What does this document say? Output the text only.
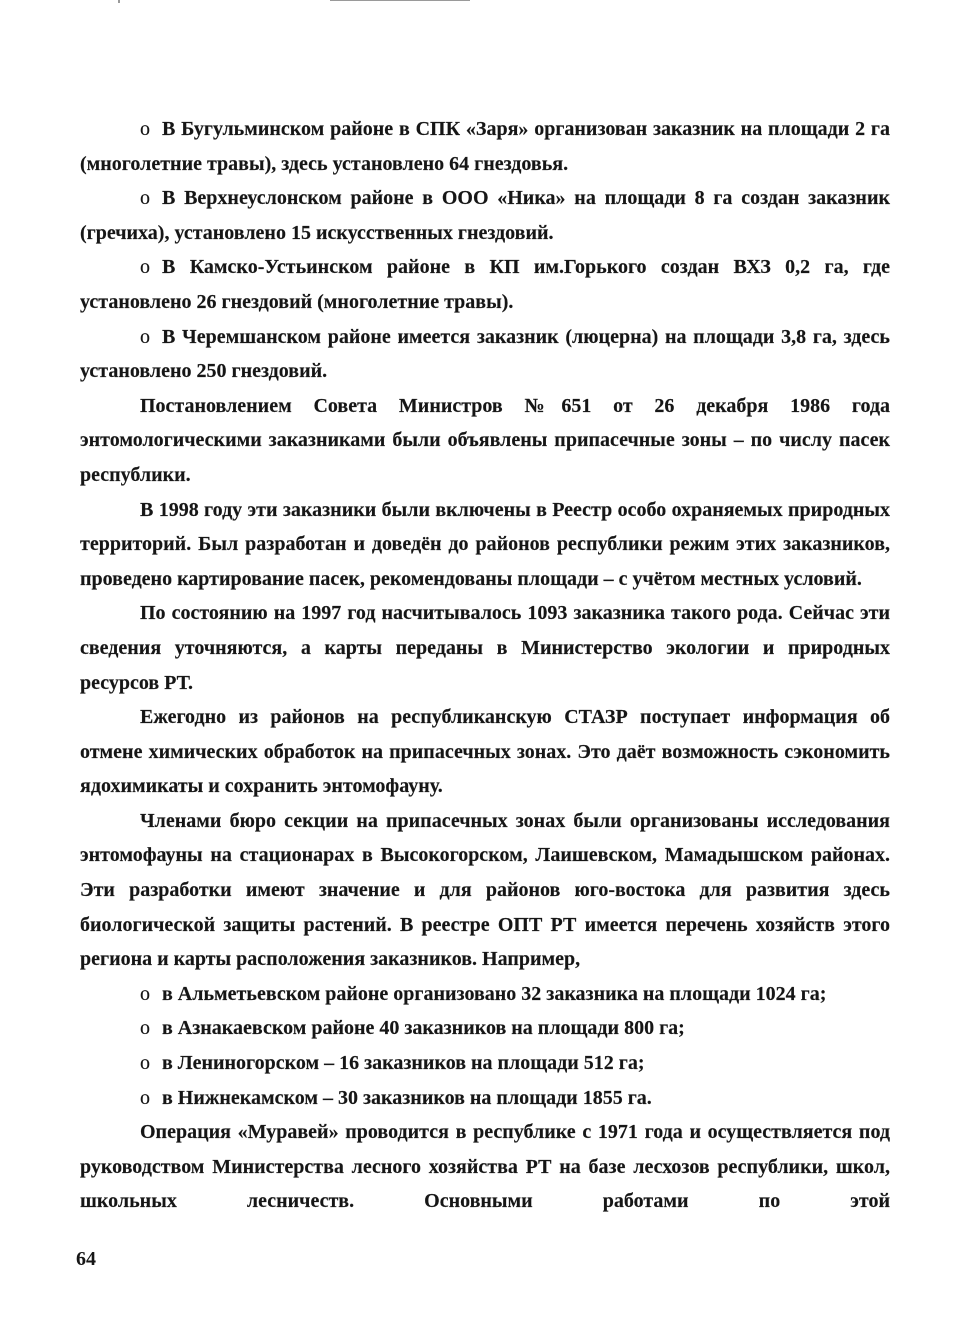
o В Бугульминском районе в СПК «Заря» организован заказник на площади 2 га (многолетние травы), здесь установлено 64 гнездовья.

o В Верхнеуслонском районе в ООО «Ника» на площади 8 га создан заказник (гречиха), установлено 15 искусственных гнездовий.

o В Камско-Устьинском районе в КП им.Горького создан ВХЗ 0,2 га, где установлено 26 гнездовий (многолетние травы).

o В Черемшанском районе имеется заказник (люцерна) на площади 3,8 га, здесь установлено 250 гнездовий.

Постановлением Совета Министров №651 от 26 декабря 1986 года энтомологическими заказниками были объявлены припасечные зоны – по числу пасек республики.

В 1998 году эти заказники были включены в Реестр особо охраняемых природных территорий. Был разработан и доведён до районов республики режим этих заказников, проведено картирование пасек, рекомендованы площади – с учётом местных условий.

По состоянию на 1997 год насчитывалось 1093 заказника такого рода. Сейчас эти сведения уточняются, а карты переданы в Министерство экологии и природных ресурсов РТ.

Ежегодно из районов на республиканскую СТАЗР поступает информация об отмене химических обработок на припасечных зонах. Это даёт возможность сэкономить ядохимикаты и сохранить энтомофауну.

Членами бюро секции на припасечных зонах были организованы исследования энтомофауны на стационарах в Высокогорском, Лаишевском, Мамадышском районах. Эти разработки имеют значение и для районов юго-востока для развития здесь биологической защиты растений. В реестре ОПТ РТ имеется перечень хозяйств этого региона и карты расположения заказников. Например,

o в Альметьевском районе организовано 32 заказника на площади 1024 га;
o в Азнакаевском районе 40 заказников на площади 800 га;
o в Лениногорском – 16 заказников на площади 512 га;
o в Нижнекамском – 30 заказников на площади 1855 га.

Операция «Муравей» проводится в республике с 1971 года и осуществляется под руководством Министерства лесного хозяйства РТ на базе лесхозов республики, школ, школьных лесничеств. Основными работами по этой

64
